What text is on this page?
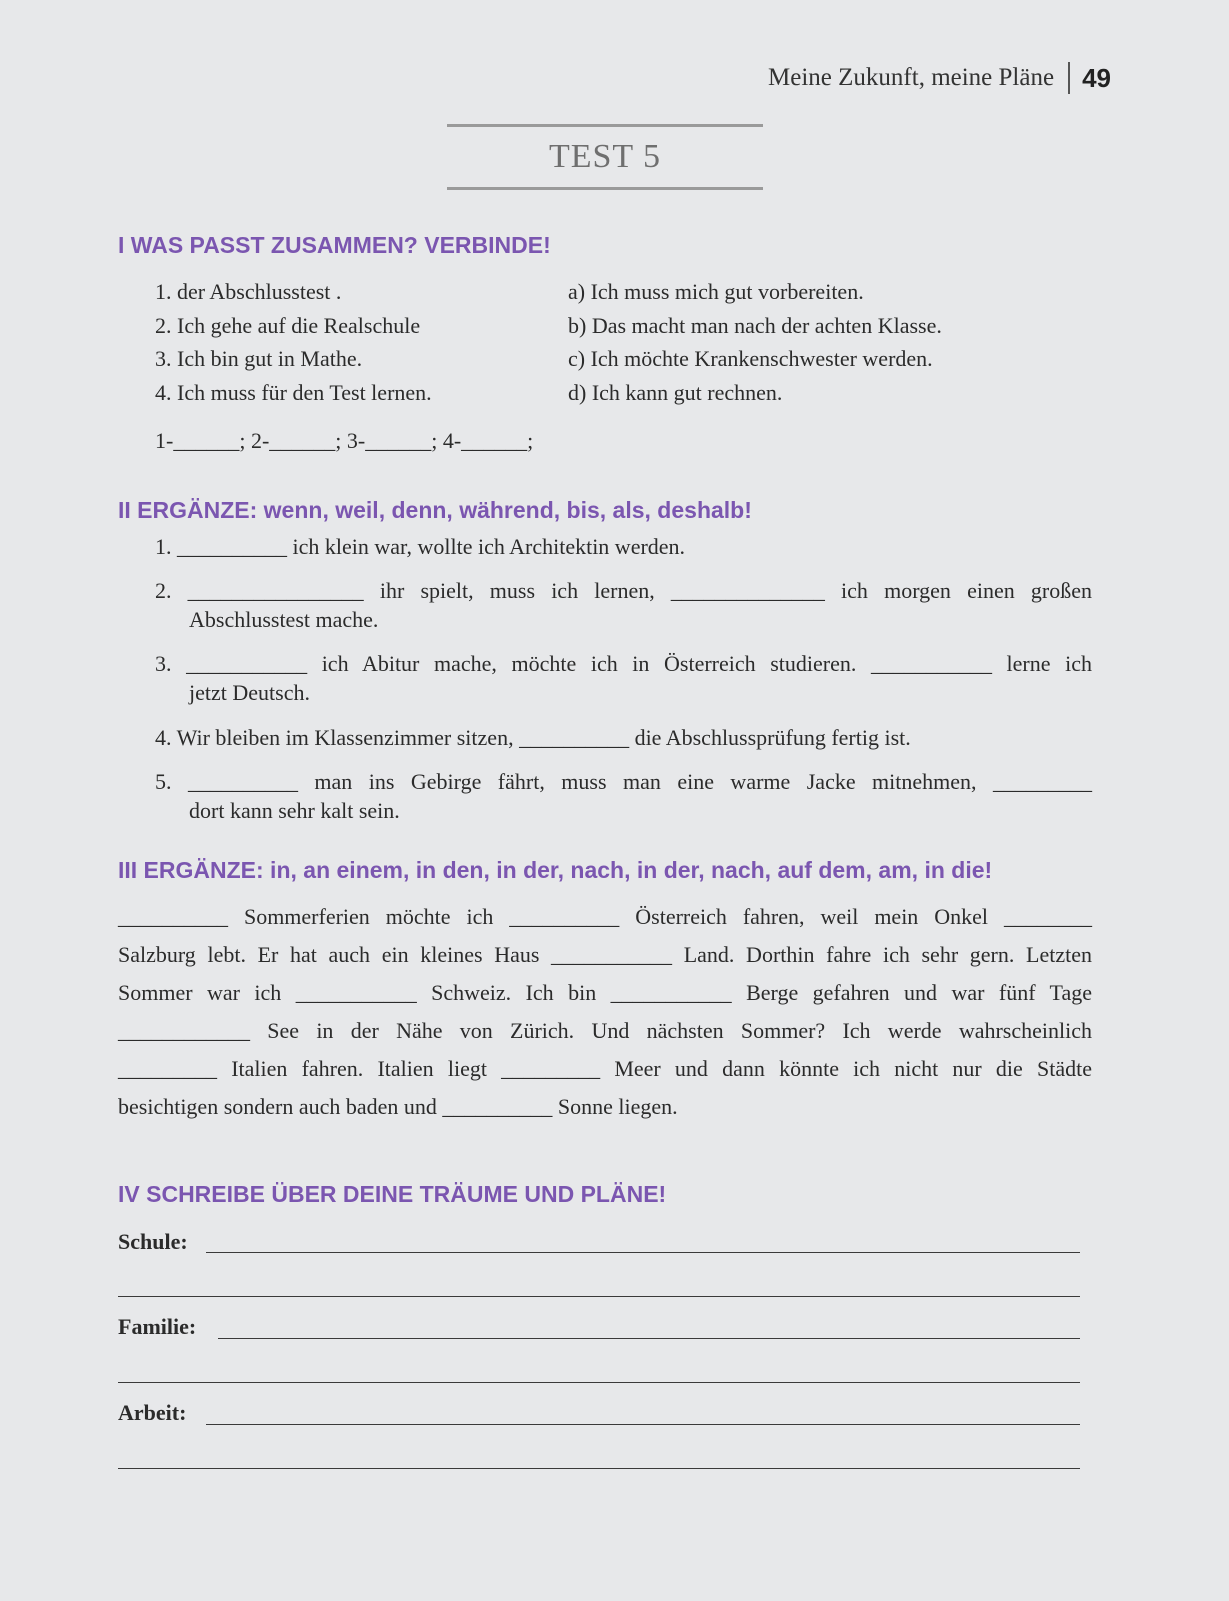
Meine Zukunft, meine Pläne	49
TEST 5
I WAS PASST ZUSAMMEN? VERBINDE!
1. der Abschlusstest .
2. Ich gehe auf die Realschule
3. Ich bin gut in Mathe.
4. Ich muss für den Test lernen.
a) Ich muss mich gut vorbereiten.
b) Das macht man nach der achten Klasse.
c) Ich möchte Krankenschwester werden.
d) Ich kann gut rechnen.
1-______; 2-______; 3-______; 4-______;
II ERGÄNZE: wenn, weil, denn, während, bis, als, deshalb!
1. __________ ich klein war, wollte ich Architektin werden.
2. ________________ ihr spielt, muss ich lernen, ______________ ich morgen einen großen
Abschlusstest mache.
3. ___________ ich Abitur mache, möchte ich in Österreich studieren. ___________ lerne ich
jetzt Deutsch.
4. Wir bleiben im Klassenzimmer sitzen, __________ die Abschlussprüfung fertig ist.
5. __________ man ins Gebirge fährt, muss man eine warme Jacke mitnehmen, _________
dort kann sehr kalt sein.
III ERGÄNZE: in, an einem, in den, in der, nach, in der, nach, auf dem, am, in die!
__________ Sommerferien möchte ich __________ Österreich fahren, weil mein Onkel ________
Salzburg lebt. Er hat auch ein kleines Haus ___________ Land. Dorthin fahre ich sehr gern. Letzten
Sommer war ich ___________ Schweiz. Ich bin ___________ Berge gefahren und war fünf Tage
____________ See in der Nähe von Zürich. Und nächsten Sommer? Ich werde wahrscheinlich
_________ Italien fahren. Italien liegt _________ Meer und dann könnte ich nicht nur die Städte
besichtigen sondern auch baden und __________ Sonne liegen.
IV SCHREIBE ÜBER DEINE TRÄUME UND PLÄNE!
Schule:
Familie:
Arbeit:
